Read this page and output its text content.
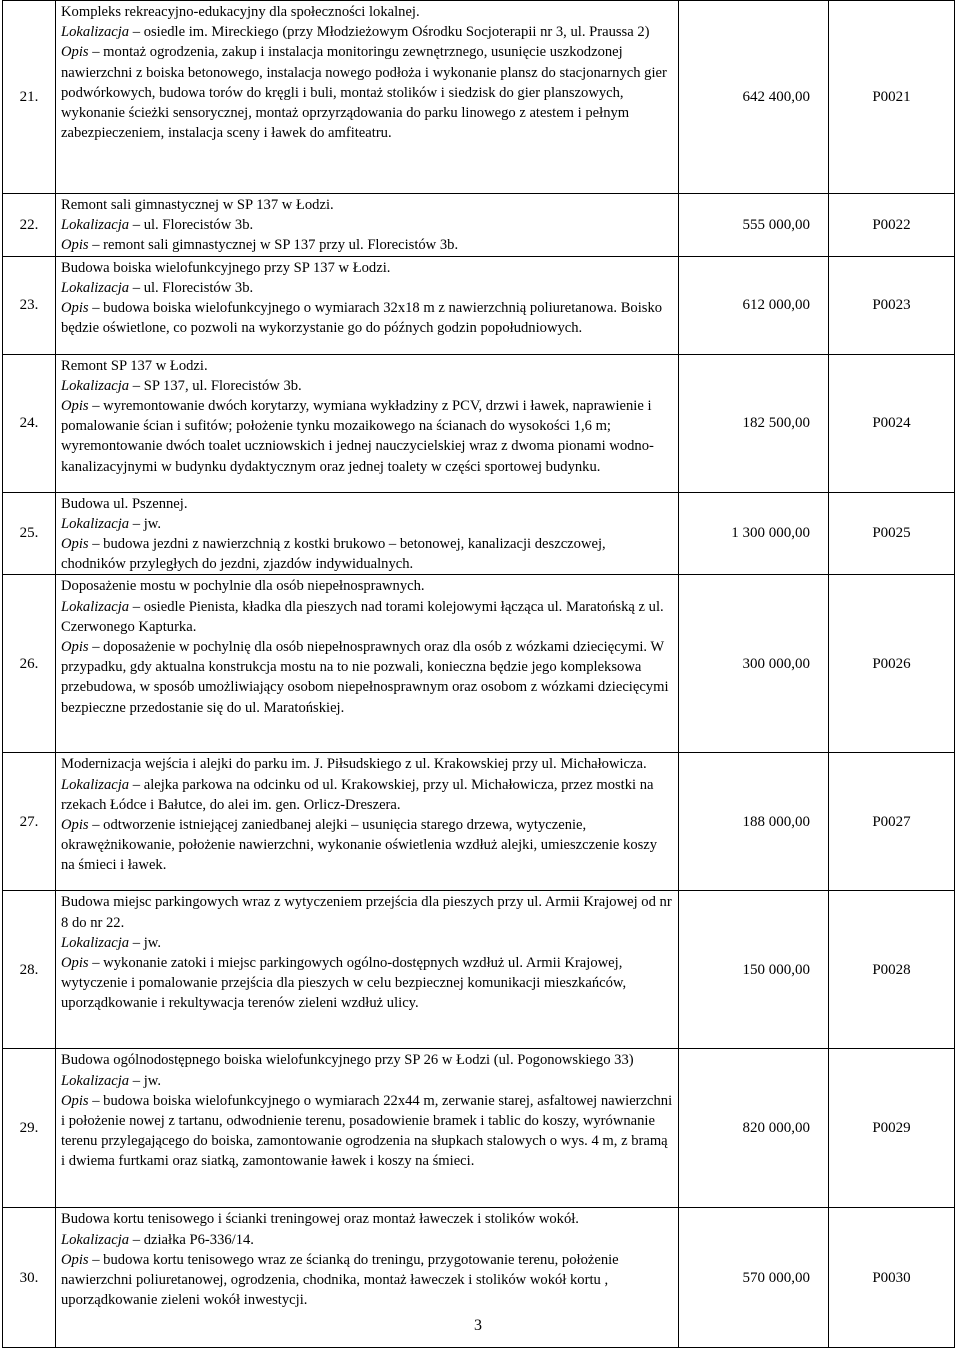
21.	Kompleks rekreacyjno-edukacyjny dla społeczności lokalnej.
Lokalizacja – osiedle im. Mireckiego (przy Młodzieżowym Ośrodku Socjoterapii nr 3, ul. Praussa 2)
Opis – montaż ogrodzenia, zakup i instalacja monitoringu zewnętrznego, usunięcie uszkodzonej nawierzchni z boiska betonowego, instalacja nowego podłoża i wykonanie plansz do stacjonarnych gier podwórkowych, budowa torów do kręgli i buli, montaż stolików i siedzisk do gier planszowych, wykonanie ścieżki sensorycznej, montaż oprzyrządowania do parku linowego z atestem i pełnym zabezpieczeniem, instalacja sceny i ławek do amfiteatru.	642 400,00	P0021
22.	Remont sali gimnastycznej w SP 137 w Łodzi.
Lokalizacja – ul. Florecistów 3b.
Opis – remont sali gimnastycznej w SP 137 przy ul. Florecistów 3b.	555 000,00	P0022
23.	Budowa boiska wielofunkcyjnego przy SP 137 w Łodzi.
Lokalizacja – ul. Florecistów 3b.
Opis – budowa boiska wielofunkcyjnego o wymiarach 32x18 m z nawierzchnią poliuretanowa. Boisko będzie oświetlone, co pozwoli na wykorzystanie go do późnych godzin popołudniowych.	612 000,00	P0023
24.	Remont SP 137 w Łodzi.
Lokalizacja – SP 137, ul. Florecistów 3b.
Opis – wyremontowanie dwóch korytarzy, wymiana wykładziny z PCV, drzwi i ławek, naprawienie i pomalowanie ścian i sufitów; położenie tynku mozaikowego na ścianach do wysokości 1,6 m; wyremontowanie dwóch toalet uczniowskich i jednej nauczycielskiej wraz z dwoma pionami wodno-kanalizacyjnymi w budynku dydaktycznym oraz jednej toalety w części sportowej budynku.	182 500,00	P0024
25.	Budowa ul. Pszennej.
Lokalizacja – jw.
Opis – budowa jezdni z nawierzchnią z kostki brukowo – betonowej, kanalizacji deszczowej, chodników przyległych do jezdni, zjazdów indywidualnych.	1 300 000,00	P0025
26.	Doposażenie mostu w pochylnie dla osób niepełnosprawnych.
Lokalizacja – osiedle Pienista, kładka dla pieszych nad torami kolejowymi łącząca ul. Maratońską z ul. Czerwonego Kapturka.
Opis – doposażenie w pochylnię dla osób niepełnosprawnych oraz dla osób z wózkami dziecięcymi. W przypadku, gdy aktualna konstrukcja mostu na to nie pozwali, konieczna będzie jego kompleksowa przebudowa, w sposób umożliwiający osobom niepełnosprawnym oraz osobom z wózkami dziecięcymi bezpieczne przedostanie się do ul. Maratońskiej.	300 000,00	P0026
27.	Modernizacja wejścia i alejki do parku im. J. Piłsudskiego z ul. Krakowskiej przy ul. Michałowicza.
Lokalizacja – alejka parkowa na odcinku od ul. Krakowskiej, przy ul. Michałowicza, przez mostki na rzekach Łódce i Bałutce, do alei im. gen. Orlicz-Dreszera.
Opis – odtworzenie istniejącej zaniedbanej alejki – usunięcia starego drzewa, wytyczenie, okrawężnikowanie, położenie nawierzchni, wykonanie oświetlenia wzdłuż alejki, umieszczenie koszy na śmieci i ławek.	188 000,00	P0027
28.	Budowa miejsc parkingowych wraz z wytyczeniem przejścia dla pieszych przy ul. Armii Krajowej od nr 8 do nr 22.
Lokalizacja – jw.
Opis – wykonanie zatoki i miejsc parkingowych ogólno-dostępnych wzdłuż ul. Armii Krajowej, wytyczenie i pomalowanie przejścia dla pieszych w celu bezpiecznej komunikacji mieszkańców, uporządkowanie i rekultywacja terenów zieleni wzdłuż ulicy.	150 000,00	P0028
29.	Budowa ogólnodostępnego boiska wielofunkcyjnego przy SP 26 w Łodzi (ul. Pogonowskiego 33)
Lokalizacja – jw.
Opis – budowa boiska wielofunkcyjnego o wymiarach 22x44 m, zerwanie starej, asfaltowej nawierzchni i położenie nowej z tartanu, odwodnienie terenu, posadowienie bramek i tablic do koszy, wyrównanie terenu przylegającego do boiska, zamontowanie ogrodzenia na słupkach stalowych o wys. 4 m, z bramą i dwiema furtkami oraz siatką, zamontowanie ławek i koszy na śmieci.	820 000,00	P0029
30.	Budowa kortu tenisowego i ścianki treningowej oraz montaż ławeczek i stolików wokół.
Lokalizacja – działka P6-336/14.
Opis – budowa kortu tenisowego wraz ze ścianką do treningu, przygotowanie terenu, położenie nawierzchni poliuretanowej, ogrodzenia, chodnika, montaż ławeczek i stolików wokół kortu , uporządkowanie zieleni wokół inwestycji.	570 000,00	P0030
3
